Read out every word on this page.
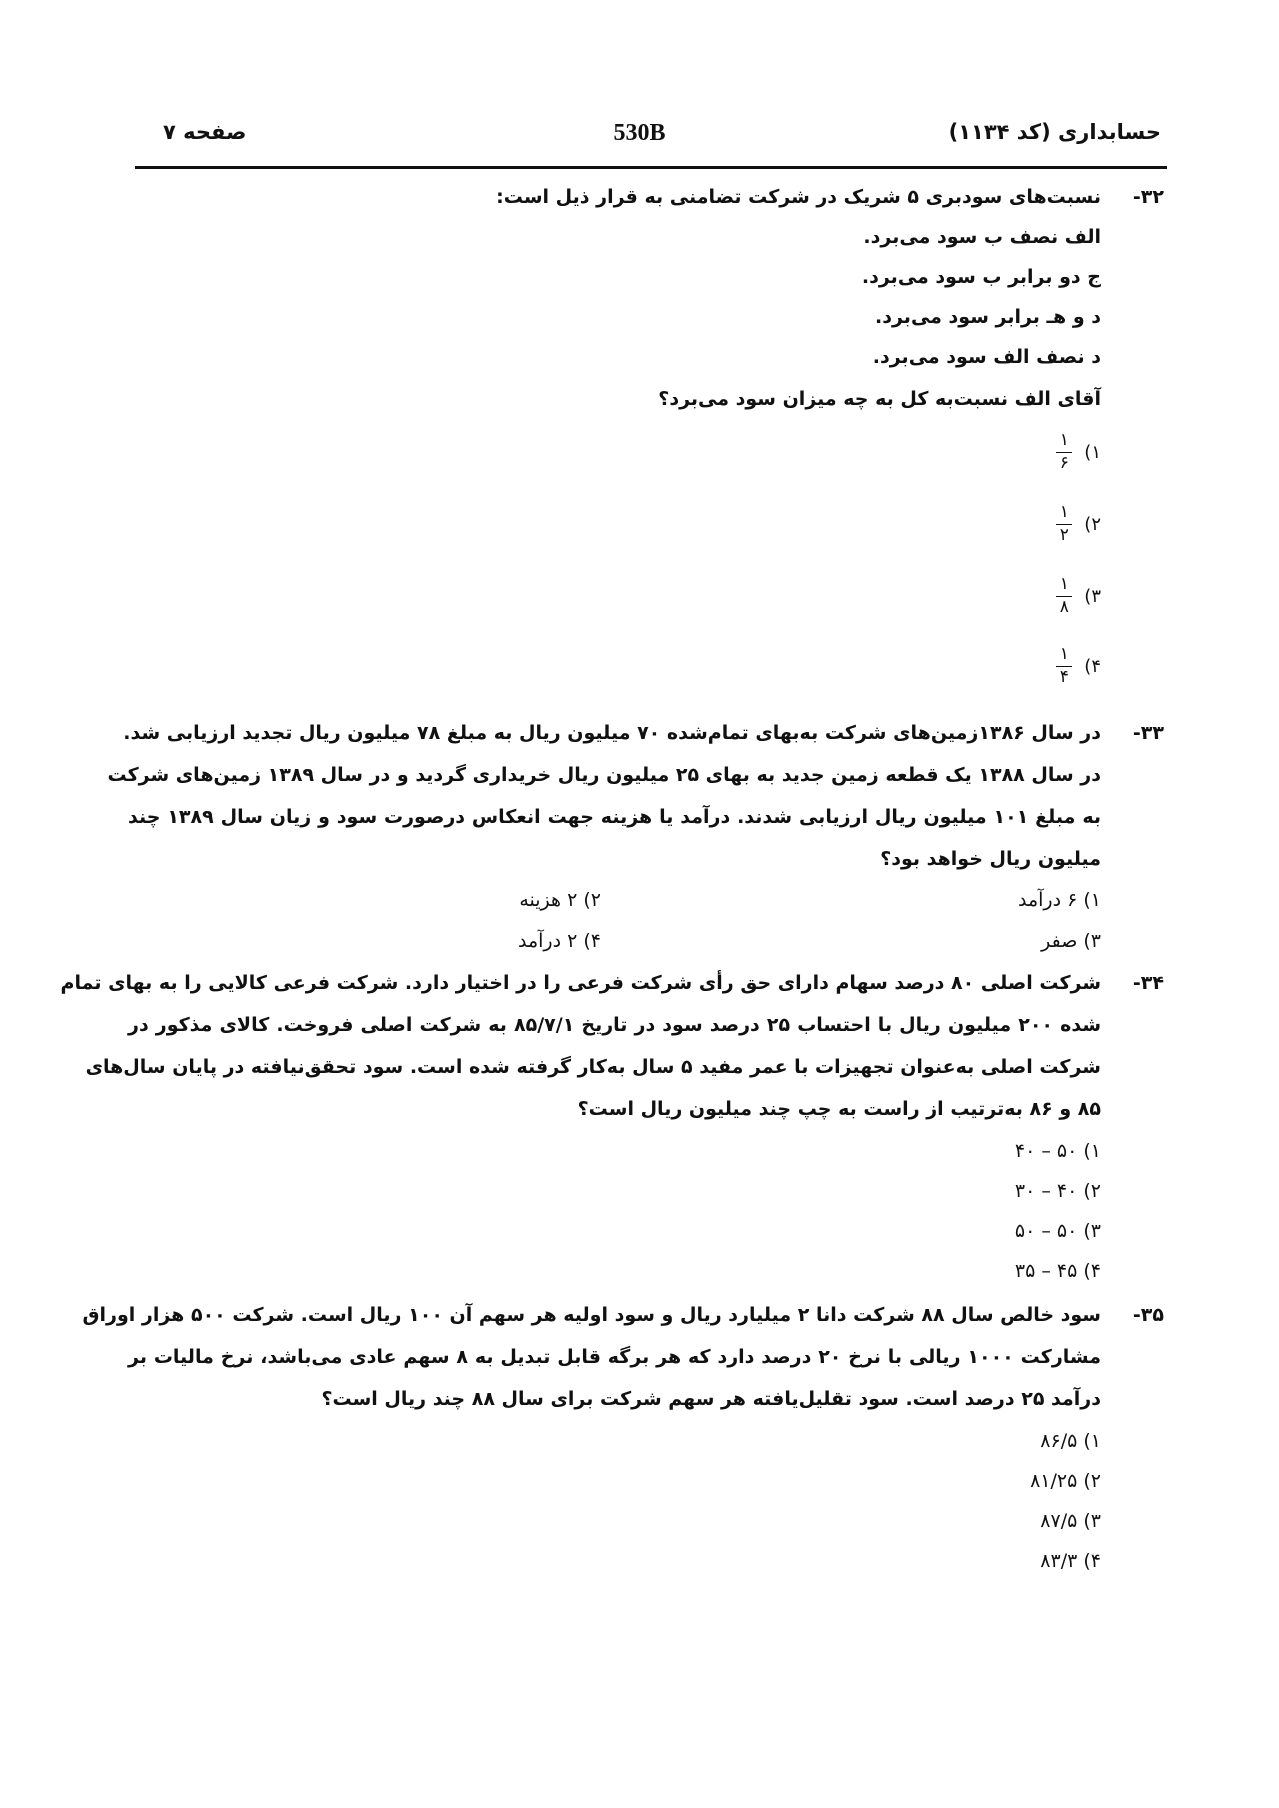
حسابداری (کد ۱۱۳۴)
530B
صفحه ۷
۳۲-
نسبت‌های سودبری ۵ شریک در شرکت تضامنی به قرار ذیل است:
الف نصف ب سود می‌برد.
ج دو برابر ب سود می‌برد.
د و هـ برابر سود می‌برد.
د نصف الف سود می‌برد.
آقای الف نسبت‌به کل به چه میزان سود می‌برد؟
۱)
$\frac{۱}{۶}$
۲)
$\frac{۱}{۲}$
۳)
$\frac{۱}{۸}$
۴)
$\frac{۱}{۴}$
۳۳-
در سال ۱۳۸۶زمین‌های شرکت به‌بهای تمام‌شده ۷۰ میلیون ریال به مبلغ ۷۸ میلیون ریال تجدید ارزیابی شد.
در سال ۱۳۸۸ یک قطعه زمین جدید به بهای ۲۵ میلیون ریال خریداری گردید و در سال ۱۳۸۹ زمین‌های شرکت
به مبلغ ۱۰۱ میلیون ریال ارزیابی شدند. درآمد یا هزینه جهت انعکاس درصورت سود و زیان سال ۱۳۸۹ چند
میلیون ریال خواهد بود؟
۱) ۶ درآمد
۲) ۲ هزینه
۳) صفر
۴) ۲ درآمد
۳۴-
شرکت اصلی ۸۰ درصد سهام دارای حق رأی شرکت فرعی را در اختیار دارد. شرکت فرعی کالایی را به بهای تمام
شده ۲۰۰ میلیون ریال با احتساب ۲۵ درصد سود در تاریخ ۸۵/۷/۱ به شرکت اصلی فروخت. کالای مذکور در
شرکت اصلی به‌عنوان تجهیزات با عمر مفید ۵ سال به‌کار گرفته شده است. سود تحقق‌نیافته در پایان سال‌های
۸۵ و ۸۶ به‌ترتیب از راست به چپ چند میلیون ریال است؟
۱) ۵۰ – ۴۰
۲) ۴۰ – ۳۰
۳) ۵۰ – ۵۰
۴) ۴۵ – ۳۵
۳۵-
سود خالص سال ۸۸ شرکت دانا ۲ میلیارد ریال و سود اولیه هر سهم آن ۱۰۰ ریال است. شرکت ۵۰۰ هزار اوراق
مشارکت ۱۰۰۰ ریالی با نرخ ۲۰ درصد دارد که هر برگه قابل تبدیل به ۸ سهم عادی می‌باشد، نرخ مالیات بر
درآمد ۲۵ درصد است. سود تقلیل‌یافته هر سهم شرکت برای سال ۸۸ چند ریال است؟
۱) ۸۶/۵
۲) ۸۱/۲۵
۳) ۸۷/۵
۴) ۸۳/۳
